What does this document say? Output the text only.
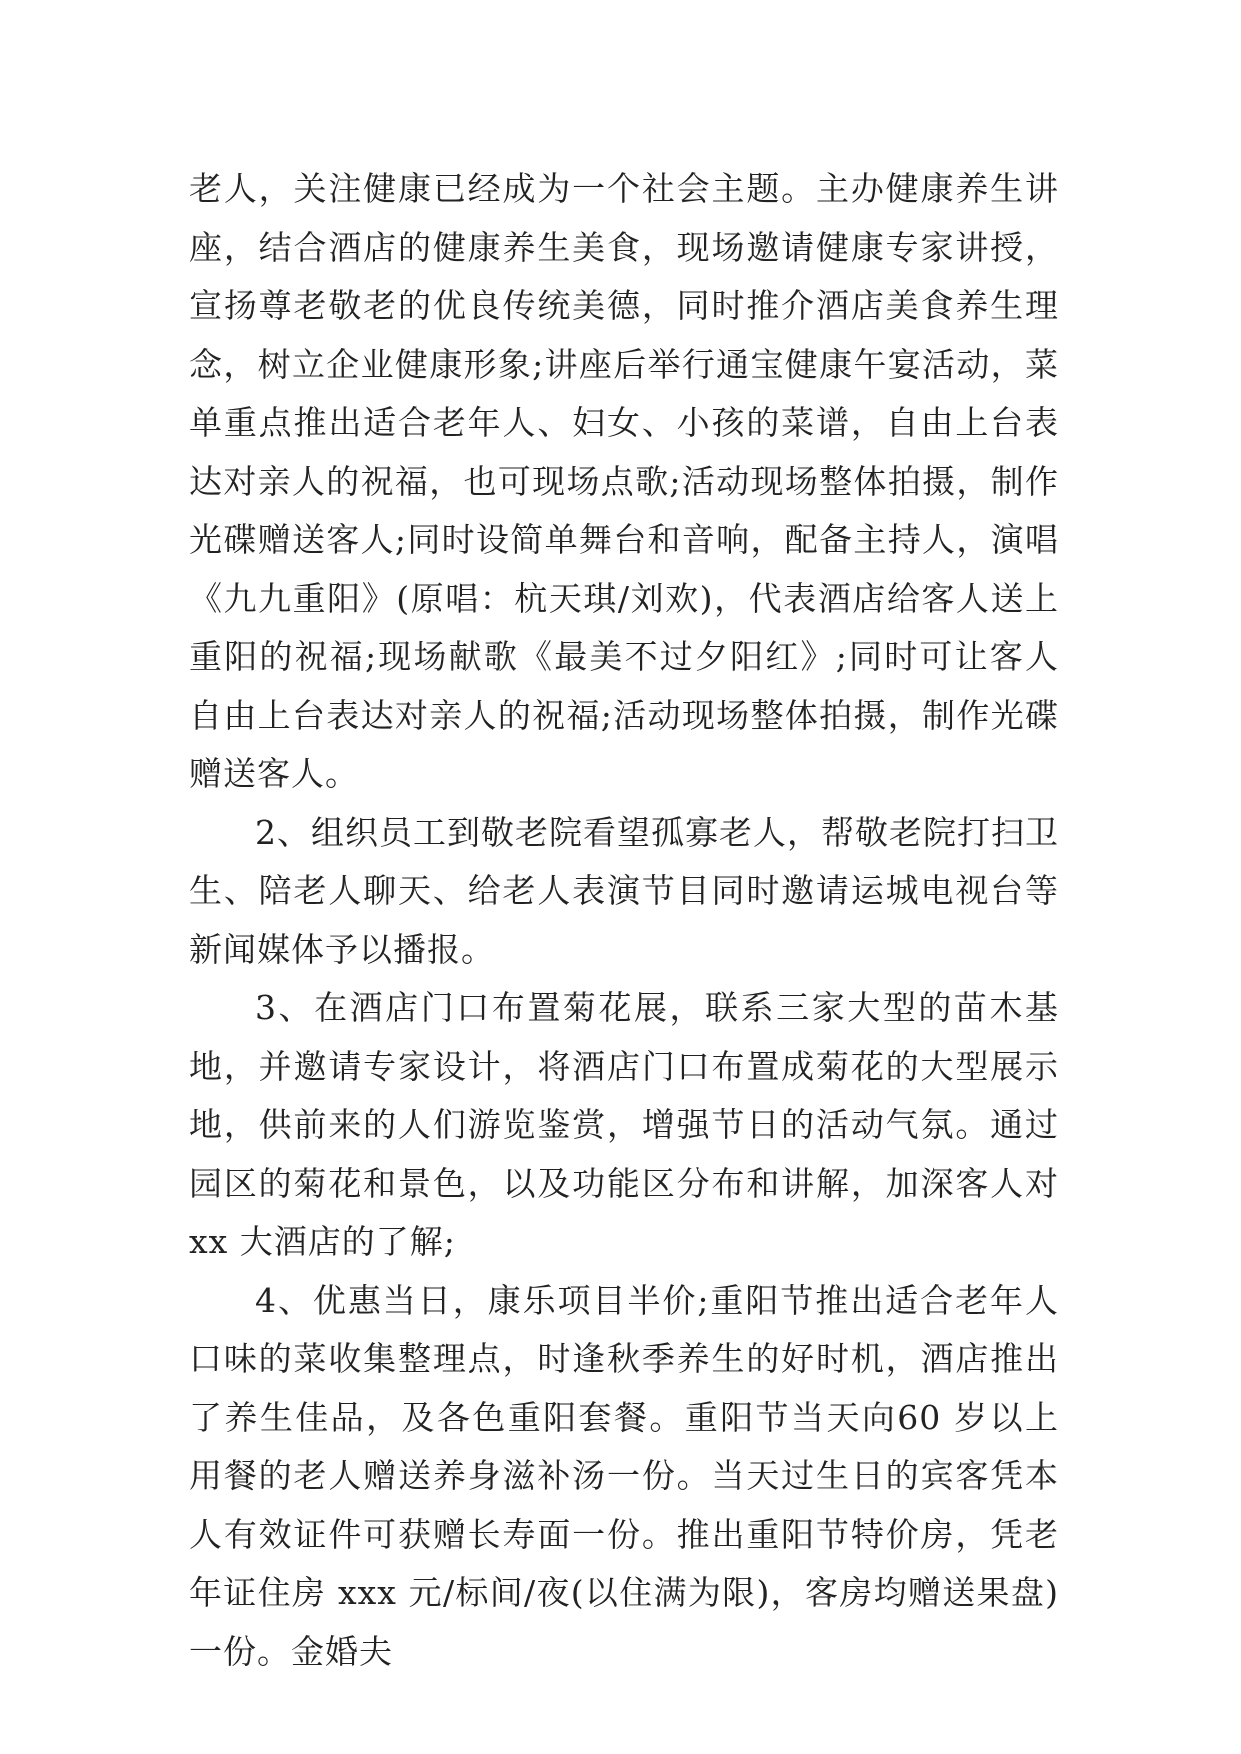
老人，关注健康已经成为一个社会主题。主办健康养生讲座，结合酒店的健康养生美食，现场邀请健康专家讲授，宣扬尊老敬老的优良传统美德，同时推介酒店美食养生理念，树立企业健康形象;讲座后举行通宝健康午宴活动，菜单重点推出适合老年人、妇女、小孩的菜谱，自由上台表达对亲人的祝福，也可现场点歌;活动现场整体拍摄，制作光碟赠送客人;同时设简单舞台和音响，配备主持人，演唱《九九重阳》(原唱：杭天琪/刘欢)，代表酒店给客人送上重阳的祝福;现场献歌《最美不过夕阳红》;同时可让客人自由上台表达对亲人的祝福;活动现场整体拍摄，制作光碟赠送客人。

2、组织员工到敬老院看望孤寡老人，帮敬老院打扫卫生、陪老人聊天、给老人表演节目同时邀请运城电视台等新闻媒体予以播报。

3、在酒店门口布置菊花展，联系三家大型的苗木基地，并邀请专家设计，将酒店门口布置成菊花的大型展示地，供前来的人们游览鉴赏，增强节日的活动气氛。通过园区的菊花和景色，以及功能区分布和讲解，加深客人对 xx 大酒店的了解;

4、优惠当日，康乐项目半价;重阳节推出适合老年人口味的菜收集整理点，时逢秋季养生的好时机，酒店推出了养生佳品，及各色重阳套餐。重阳节当天向60 岁以上用餐的老人赠送养身滋补汤一份。当天过生日的宾客凭本人有效证件可获赠长寿面一份。推出重阳节特价房，凭老年证住房 xxx 元/标间/夜(以住满为限)，客房均赠送果盘)一份。金婚夫
